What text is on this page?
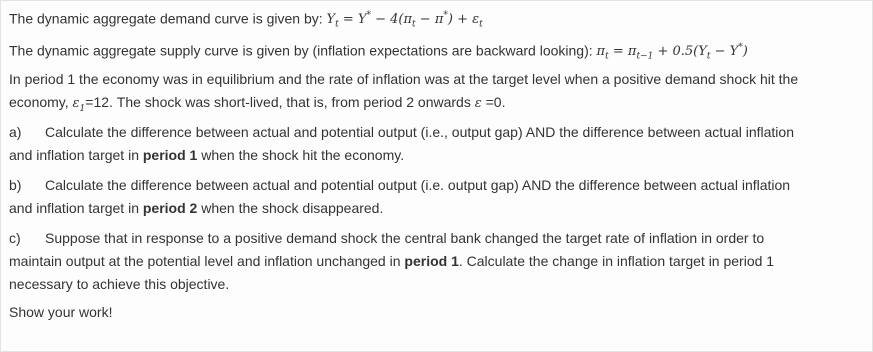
The dynamic aggregate demand curve is given by: $Y_t = Y^* - 4(\pi_t - \pi^*) + \varepsilon_t$
The dynamic aggregate supply curve is given by (inflation expectations are backward looking): $\pi_t = \pi_{t-1} + 0.5(Y_t - Y^*)$
In period 1 the economy was in equilibrium and the rate of inflation was at the target level when a positive demand shock hit the
economy, $\varepsilon_1=12$. The shock was short-lived, that is, from period 2 onwards ε =0.
a) Calculate the difference between actual and potential output (i.e., output gap) AND the difference between actual inflation
and inflation target in period 1 when the shock hit the economy.
b) Calculate the difference between actual and potential output (i.e. output gap) AND the difference between actual inflation
and inflation target in period 2 when the shock disappeared.
c) Suppose that in response to a positive demand shock the central bank changed the target rate of inflation in order to
maintain output at the potential level and inflation unchanged in period 1. Calculate the change in inflation target in period 1
necessary to achieve this objective.
Show your work!
